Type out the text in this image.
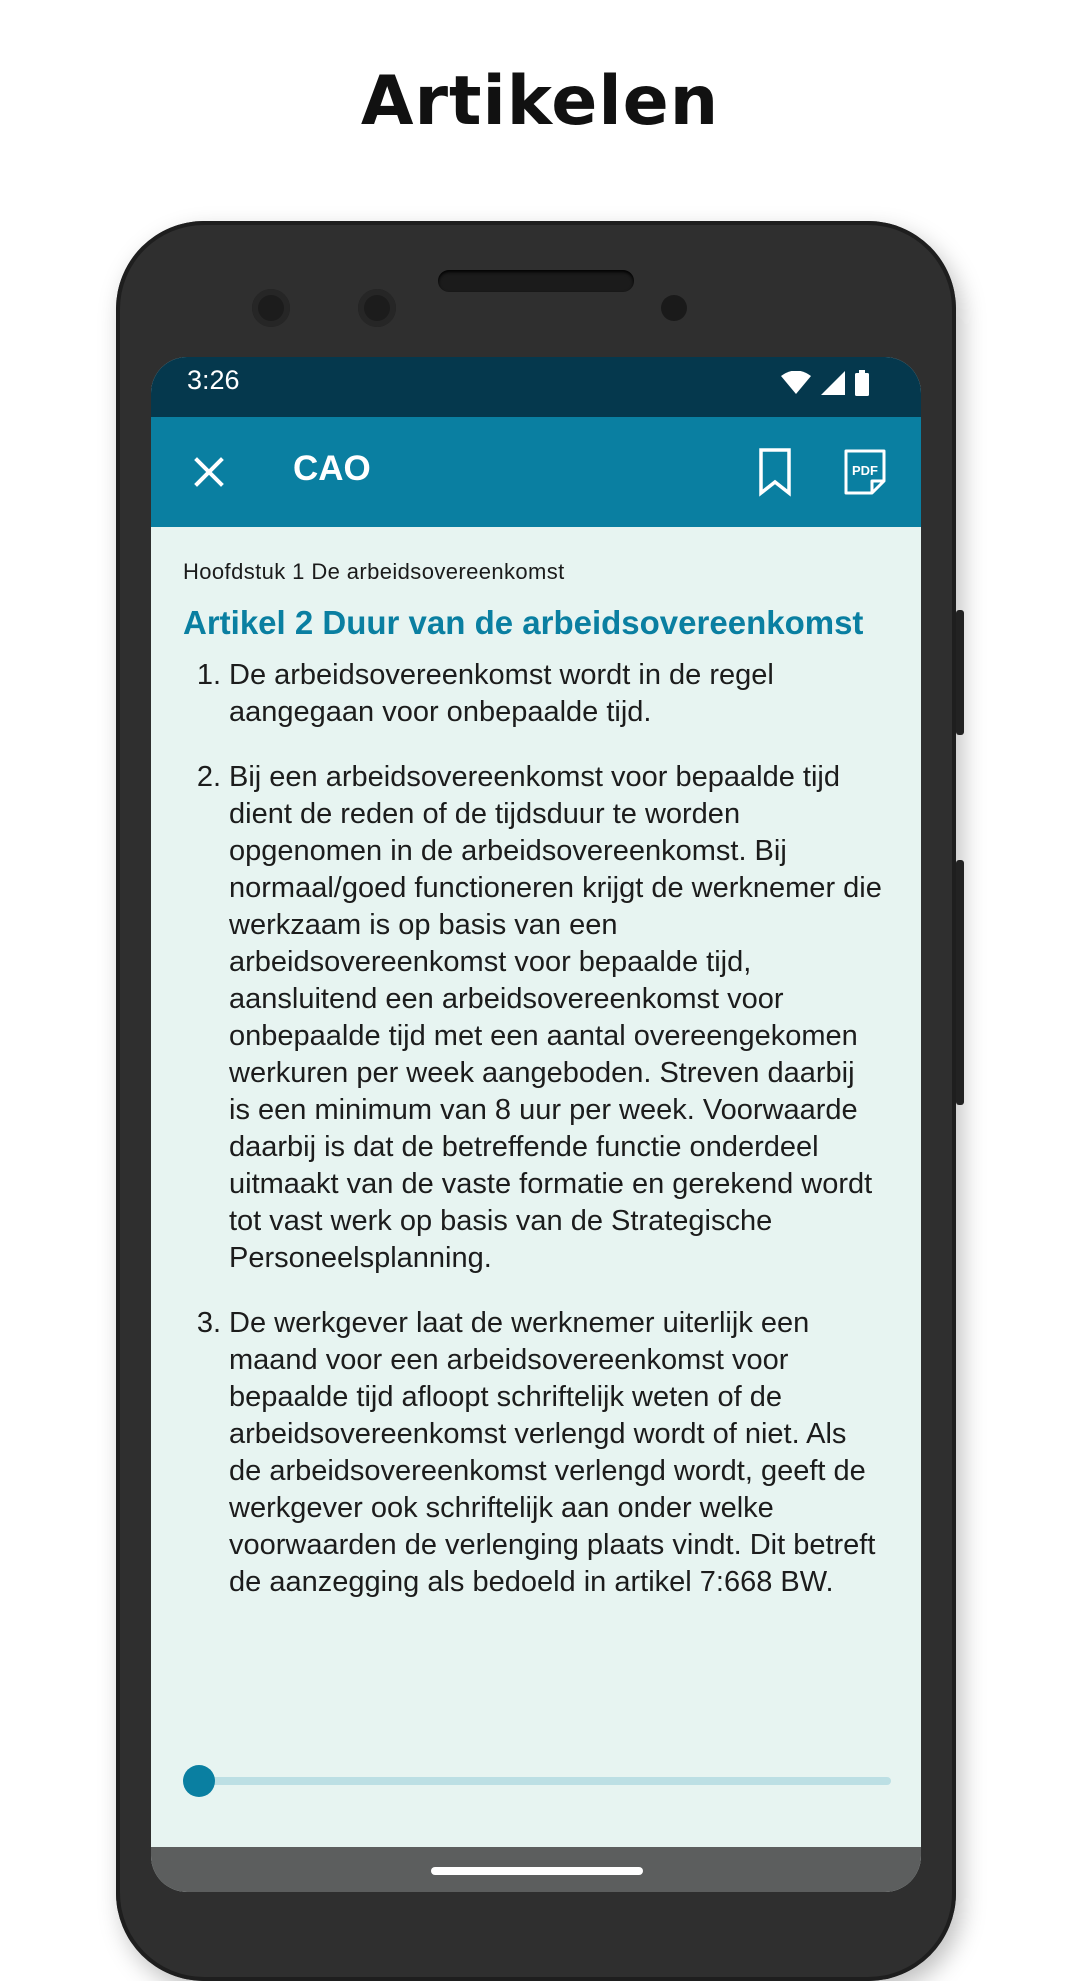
Artikelen
3:26
CAO	PDF
Hoofdstuk 1 De arbeidsovereenkomst
Artikel 2 Duur van de arbeidsovereenkomst
1. De arbeidsovereenkomst wordt in de regel aangegaan voor onbepaalde tijd.
2. Bij een arbeidsovereenkomst voor bepaalde tijd dient de reden of de tijdsduur te worden opgenomen in de arbeidsovereenkomst. Bij normaal/goed functioneren krijgt de werknemer die werkzaam is op basis van een arbeidsovereenkomst voor bepaalde tijd, aansluitend een arbeidsovereenkomst voor onbepaalde tijd met een aantal overeengekomen werkuren per week aangeboden. Streven daarbij is een minimum van 8 uur per week. Voorwaarde daarbij is dat de betreffende functie onderdeel uitmaakt van de vaste formatie en gerekend wordt tot vast werk op basis van de Strategische Personeelsplanning.
3. De werkgever laat de werknemer uiterlijk een maand voor een arbeidsovereenkomst voor bepaalde tijd afloopt schriftelijk weten of de arbeidsovereenkomst verlengd wordt of niet. Als de arbeidsovereenkomst verlengd wordt, geeft de werkgever ook schriftelijk aan onder welke voorwaarden de verlenging plaats vindt. Dit betreft de aanzegging als bedoeld in artikel 7:668 BW.
